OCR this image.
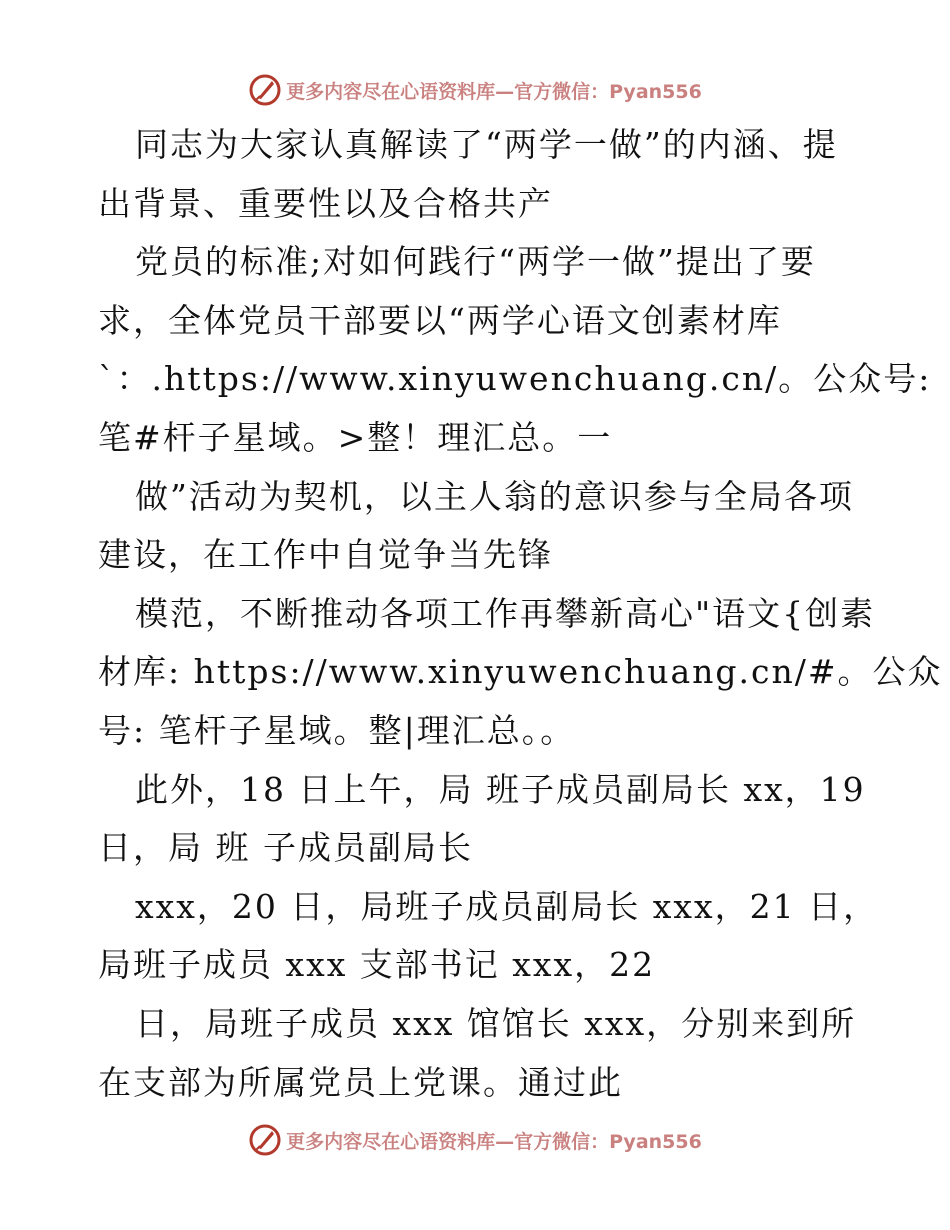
更多内容尽在心语资料库—官方微信：Pyan556
同志为大家认真解读了“两学一做”的内涵、提
出背景、重要性以及合格共产
党员的标准;对如何践行“两学一做”提出了要
求，全体党员干部要以“两学心语文创素材库
`：.https://www.xinyuwenchuang.cn/。公众号:
笔#杆子星域。>整！理汇总。一
做”活动为契机，以主人翁的意识参与全局各项
建设，在工作中自觉争当先锋
模范，不断推动各项工作再攀新高心"语文{创素
材库: https://www.xinyuwenchuang.cn/#。公众
号: 笔杆子星域。整|理汇总。。
此外，18 日上午，局 班子成员副局长 xx，19
日，局 班 子成员副局长
xxx，20 日，局班子成员副局长 xxx，21 日，
局班子成员 xxx 支部书记 xxx，22
日，局班子成员 xxx 馆馆长 xxx，分别来到所
在支部为所属党员上党课。通过此
更多内容尽在心语资料库—官方微信：Pyan556
